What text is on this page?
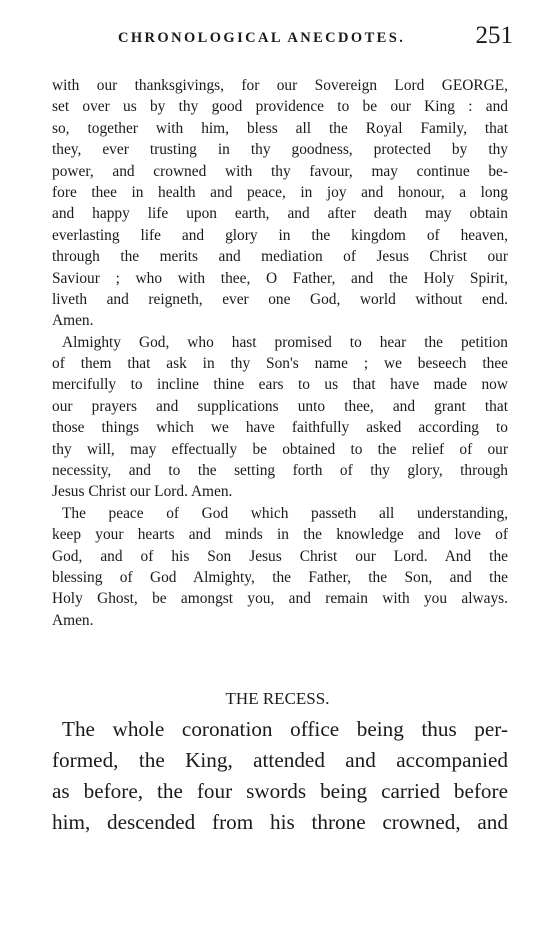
CHRONOLOGICAL ANECDOTES.	251
with our thanksgivings, for our Sovereign Lord GEORGE,
set over us by thy good providence to be our King : and
so, together with him, bless all the Royal Family, that
they, ever trusting in thy goodness, protected by thy
power, and crowned with thy favour, may continue be-
fore thee in health and peace, in joy and honour, a long
and happy life upon earth, and after death may obtain
everlasting life and glory in the kingdom of heaven,
through the merits and mediation of Jesus Christ our
Saviour ; who with thee, O Father, and the Holy Spirit,
liveth and reigneth, ever one God, world without end.
Amen.
Almighty God, who hast promised to hear the petition
of them that ask in thy Son's name ; we beseech thee
mercifully to incline thine ears to us that have made now
our prayers and supplications unto thee, and grant that
those things which we have faithfully asked according to
thy will, may effectually be obtained to the relief of our
necessity, and to the setting forth of thy glory, through
Jesus Christ our Lord. Amen.
The peace of God which passeth all understanding,
keep your hearts and minds in the knowledge and love of
God, and of his Son Jesus Christ our Lord. And the
blessing of God Almighty, the Father, the Son, and the
Holy Ghost, be amongst you, and remain with you always.
Amen.
THE RECESS.
The whole coronation office being thus per-
formed, the King, attended and accompanied
as before, the four swords being carried before
him, descended from his throne crowned, and
